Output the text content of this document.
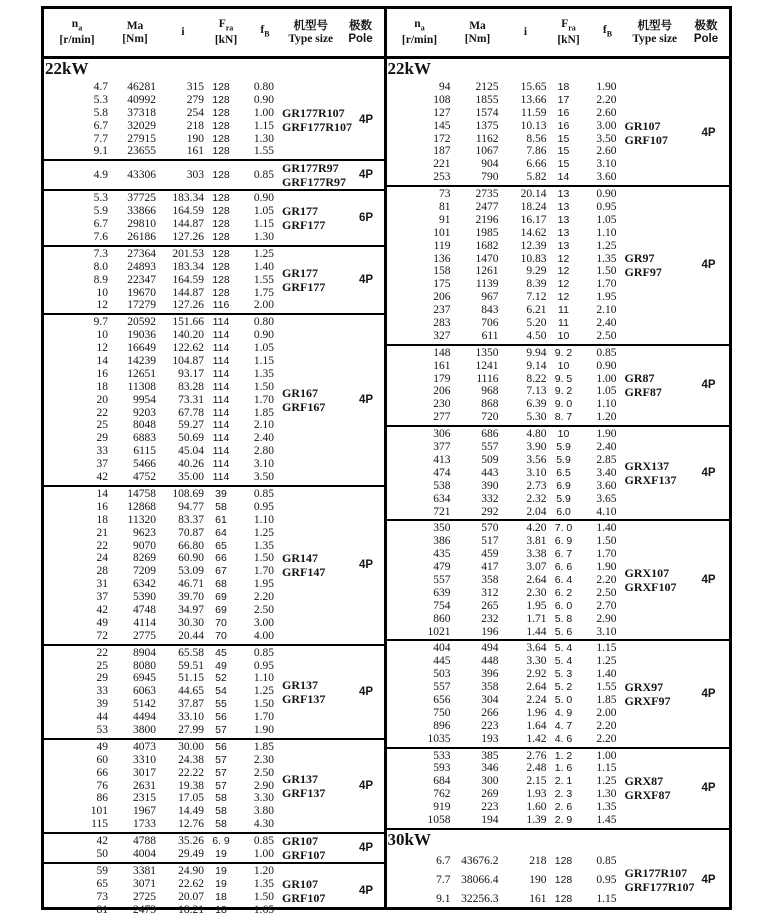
$n_a$
[r/min]
Ma
[Nm]
i
$F_{ra}$
[kN]
$f_B$
机型号
Type size
极数
Pole
22kW
4.7	46281	315 128	0.80
5.3	40992	279 128	0.90
5.8	37318	254 128	1.00
6.7	32029	218 128	1.15
7.7	27915	190 128	1.30
9.1	23655	161 128	1.55
GR177R107
GRF177R107 4P
4.9	43306	303 128	0.85 GR177R97
GRF177R97	4P
5.3	37725	183.34 128	0.90
5.9	33866	164.59 128	1.05
6.7	29810	144.87 128	1.15
7.6	26186	127.26 128	1.30
GR177
GRF177	6P
7.3	27364	201.53 128	1.25
8.0	24893	183.34 128	1.40
8.9	22347	164.59 128	1.55
10	19670	144.87 128	1.75
12	17279	127.26 116	2.00
GR177
GRF177	4P
9.7	20592	151.66 114	0.80
10	19036	140.20 114	0.90
12	16649	122.62 114	1.05
14	14239	104.87 114	1.15
16	12651	93.17 114	1.35
18	11308	83.28 114	1.50
20	9954	73.31 114	1.70
22	9203	67.78 114	1.85
25	8048	59.27 114	2.10
29	6883	50.69 114	2.40
33	6115	45.04 114	2.80
37	5466	40.26 114	3.10
42	4752	35.00 114	3.50
GR167
GRF167	4P
14	14758	108.69	39	0.85
16	12868	94.77	58	0.95
18	11320	83.37	61	1.10
21	9623	70.87	64	1.25
22	9070	66.80	65	1.35
24	8269	60.90	66	1.50
28	7209	53.09	67	1.70
31	6342	46.71	68	1.95
37	5390	39.70	69	2.20
42	4748	34.97	69	2.50
49	4114	30.30	70	3.00
72	2775	20.44	70	4.00
GR147
GRF147	4P
22	8904	65.58	45	0.85
25	8080	59.51	49	0.95
29	6945	51.15	52	1.10
33	6063	44.65	54	1.25
39	5142	37.87	55	1.50
44	4494	33.10	56	1.70
53	3800	27.99	57	1.90
GR137
GRF137	4P
49	4073	30.00	56	1.85
60	3310	24.38	57	2.30
66	3017	22.22	57	2.50
76	2631	19.38	57	2.90
86	2315	17.05	58	3.30
101	1967	14.49	58	3.80
115	1733	12.76	58	4.30
GR137
GRF137	4P
42	4788	35.26 6. 9	0.85
50	4004	29.49	19	1.00
GR107
GRF107	4P
59	3381	24.90	19	1.20
65	3071	22.62	19	1.35
73	2725	20.07	18	1.50
81	2473	18.21	18	1.65
GR107
GRF107	4P
$n_a$
[r/min]
Ma
[Nm]
i
$F_{ra}$
[kN]
$f_B$
机型号
Type size
极数
Pole
22kW
94	2125	15.65	18	1.90
108	1855	13.66	17	2.20
127	1574	11.59	16	2.60
145	1375	10.13	16	3.00
172	1162	8.56	15	3.50
187	1067	7.86	15	2.60
221	904	6.66	15	3.10
253	790	5.82	14	3.60
GR107
GRF107	4P
73	2735	20.14	13	0.90
81	2477	18.24	13	0.95
91	2196	16.17	13	1.05
101	1985	14.62	13	1.10
119	1682	12.39	13	1.25
136	1470	10.83	12	1.35
158	1261	9.29	12	1.50
175	1139	8.39	12	1.70
206	967	7.12	12	1.95
237	843	6.21	11	2.10
283	706	5.20	11	2.40
327	611	4.50	10	2.50
GR97
GRF97	4P
148	1350	9.94 9. 2	0.85
161	1241	9.14	10	0.90
179	1116	8.22 9. 5	1.00
206	968	7.13 9. 2	1.05
230	868	6.39 9. 0	1.10
277	720	5.30 8. 7	1.20
GR87
GRF87	4P
306	686	4.80	10	1.90
377	557	3.90 5.9	2.40
413	509	3.56 5.9	2.85
474	443	3.10 6.5	3.40
538	390	2.73 6.9	3.60
634	332	2.32 5.9	3.65
721	292	2.04 6.0	4.10
GRX137
GRXF137	4P
350	570	4.20 7. 0	1.40
386	517	3.81 6. 9	1.50
435	459	3.38 6. 7	1.70
479	417	3.07 6. 6	1.90
557	358	2.64 6. 4	2.20
639	312	2.30 6. 2	2.50
754	265	1.95 6. 0	2.70
860	232	1.71 5. 8	2.90
1021	196	1.44 5. 6	3.10
GRX107
GRXF107	4P
404	494	3.64 5. 4	1.15
445	448	3.30 5. 4	1.25
503	396	2.92 5. 3	1.40
557	358	2.64 5. 2	1.55
656	304	2.24 5. 0	1.85
750	266	1.96 4. 9	2.00
896	223	1.64 4. 7	2.20
1035	193	1.42 4. 6	2.20
GRX97
GRXF97	4P
533	385	2.76 1. 2	1.00
593	346	2.48 1. 6	1.15
684	300	2.15 2. 1	1.25
762	269	1.93 2. 3	1.30
919	223	1.60 2. 6	1.35
1058	194	1.39 2. 9	1.45
GRX87
GRXF87	4P
30kW
6.7 43676.2	218 128	0.85
7.7 38066.4	190 128	0.95
9.1 32256.3	161 128	1.15
GR177R107
GRF177R107 4P
